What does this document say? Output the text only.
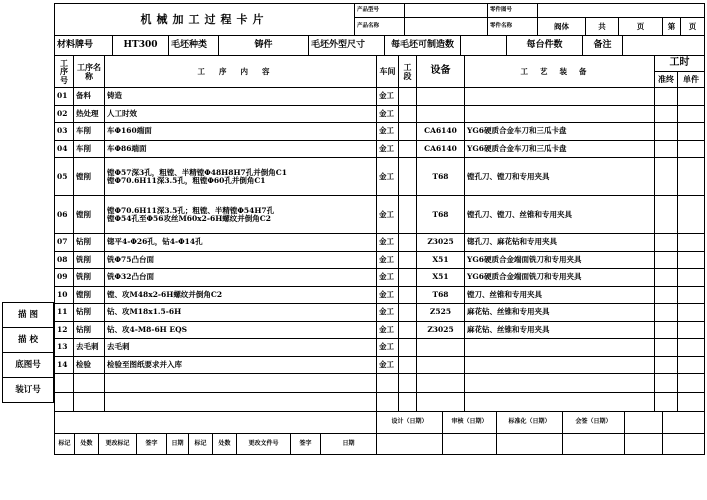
描 图
描 校
底图号
装订号
机械加工过程卡片	产品型号		零件图号					
	产品名称		零件名称	阀体	共	页	第	页
材料牌号	HT300	毛坯种类	铸件	毛坯外型尺寸	每毛坯可制造数		每台件数	备注	
工序号	工序名称	工序内容	车间	工段	设备	工艺装备	工时	
							准终	单件
01	备料	铸造	金工					
02	热处理	人工时效	金工					
03	车削	车Φ160端面	金工		CA6140	YG6硬质合金车刀和三瓜卡盘		
04	车削	车Φ86端面	金工		CA6140	YG6硬质合金车刀和三瓜卡盘		
05	镗削	镗Φ57深3孔，粗镗、半精镗Φ48H8H7孔并倒角C1
镗Φ70.6H11深3.5孔，粗镗Φ60孔并倒角C1	金工		T68	镗孔刀、镗刀和专用夹具		
06	镗削	镗Φ70.6H11深3.5孔；粗镗、半精镗Φ54H7孔
镗Φ54孔至Φ56攻丝M60x2-6H螺纹并倒角C2	金工		T68	镗孔刀、镗刀、丝锥和专用夹具		
07	钻削	锪平4-Φ26孔，钻4-Φ14孔	金工		Z3025	锪孔刀、麻花钻和专用夹具		
08	铣削	铣Φ75凸台面	金工		X51	YG6硬质合金端面铣刀和专用夹具		
09	铣削	铣Φ32凸台面	金工		X51	YG6硬质合金端面铣刀和专用夹具		
10	镗削	镗、攻M48x2-6H螺纹并倒角C2	金工		T68	镗刀、丝锥和专用夹具		
11	钻削	钻、攻M18x1.5-6H	金工		Z525	麻花钻、丝锥和专用夹具		
12	钻削	钻、攻4-M8-6H EQS	金工		Z3025	麻花钻、丝锥和专用夹具		
13	去毛刺	去毛刺	金工					
14	检验	检验至图纸要求并入库	金工					

										设计（日期）	审核（日期）	标准化（日期）	会签（日期）		
标记	处数	更改标记	签字	日期	标记	处数	更改文件号	签字	日期						
